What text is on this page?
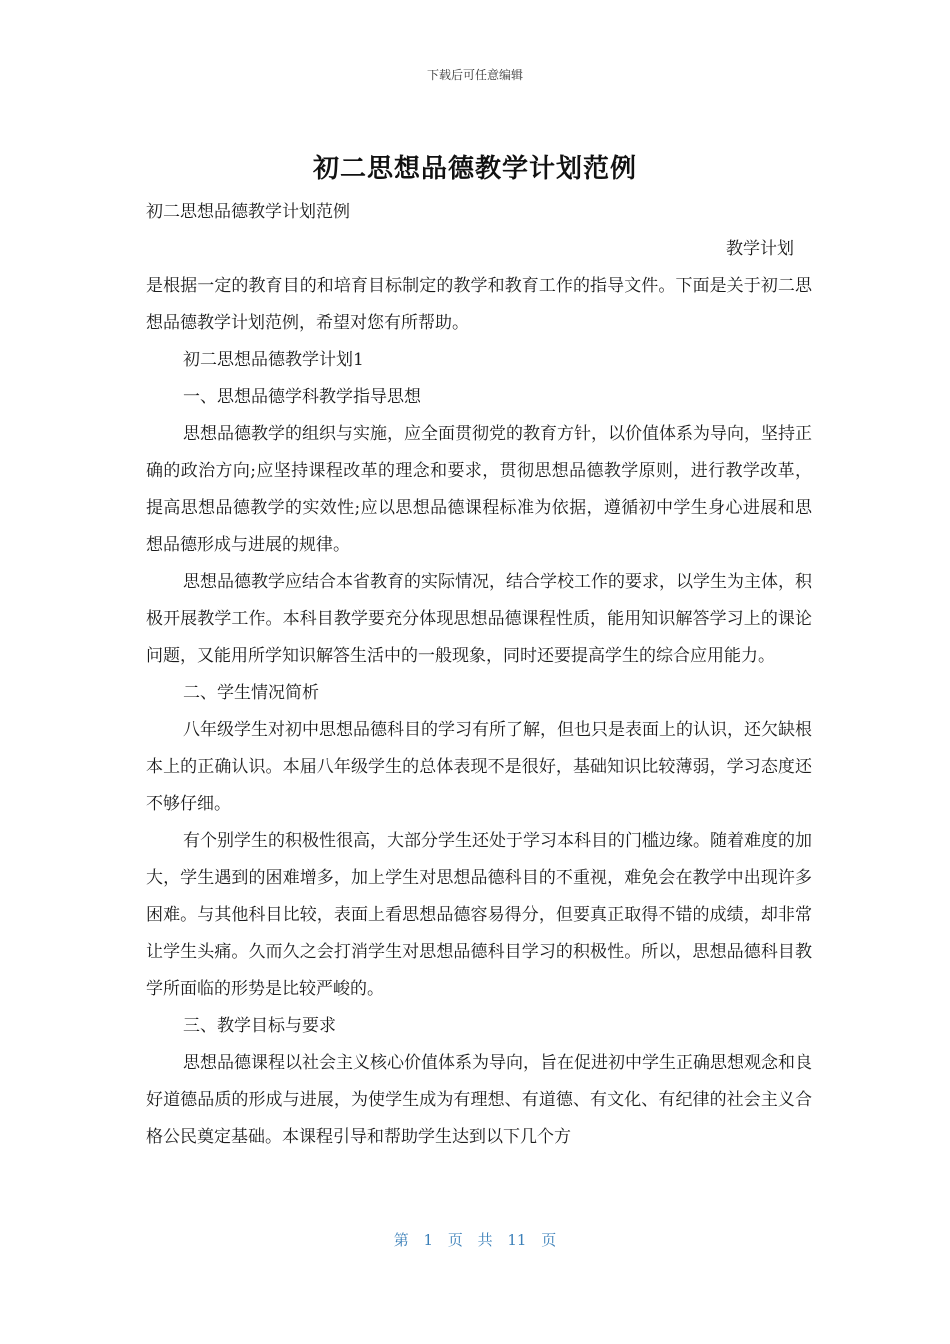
下载后可任意编辑
初二思想品德教学计划范例

初二思想品德教学计划范例

教学计划

是根据一定的教育目的和培育目标制定的教学和教育工作的指导文件。下面是关于初二思想品德教学计划范例，希望对您有所帮助。

初二思想品德教学计划1

一、思想品德学科教学指导思想

思想品德教学的组织与实施，应全面贯彻党的教育方针，以价值体系为导向，坚持正确的政治方向;应坚持课程改革的理念和要求，贯彻思想品德教学原则，进行教学改革，提高思想品德教学的实效性;应以思想品德课程标准为依据，遵循初中学生身心进展和思想品德形成与进展的规律。

思想品德教学应结合本省教育的实际情况，结合学校工作的要求，以学生为主体，积极开展教学工作。本科目教学要充分体现思想品德课程性质，能用知识解答学习上的课论问题，又能用所学知识解答生活中的一般现象，同时还要提高学生的综合应用能力。

二、学生情况简析

八年级学生对初中思想品德科目的学习有所了解，但也只是表面上的认识，还欠缺根本上的正确认识。本届八年级学生的总体表现不是很好，基础知识比较薄弱，学习态度还不够仔细。

有个别学生的积极性很高，大部分学生还处于学习本科目的门槛边缘。随着难度的加大，学生遇到的困难增多，加上学生对思想品德科目的不重视，难免会在教学中出现许多困难。与其他科目比较，表面上看思想品德容易得分，但要真正取得不错的成绩，却非常让学生头痛。久而久之会打消学生对思想品德科目学习的积极性。所以，思想品德科目教学所面临的形势是比较严峻的。

三、教学目标与要求

思想品德课程以社会主义核心价值体系为导向，旨在促进初中学生正确思想观念和良好道德品质的形成与进展，为使学生成为有理想、有道德、有文化、有纪律的社会主义合格公民奠定基础。本课程引导和帮助学生达到以下几个方

第 1 页 共 11 页
